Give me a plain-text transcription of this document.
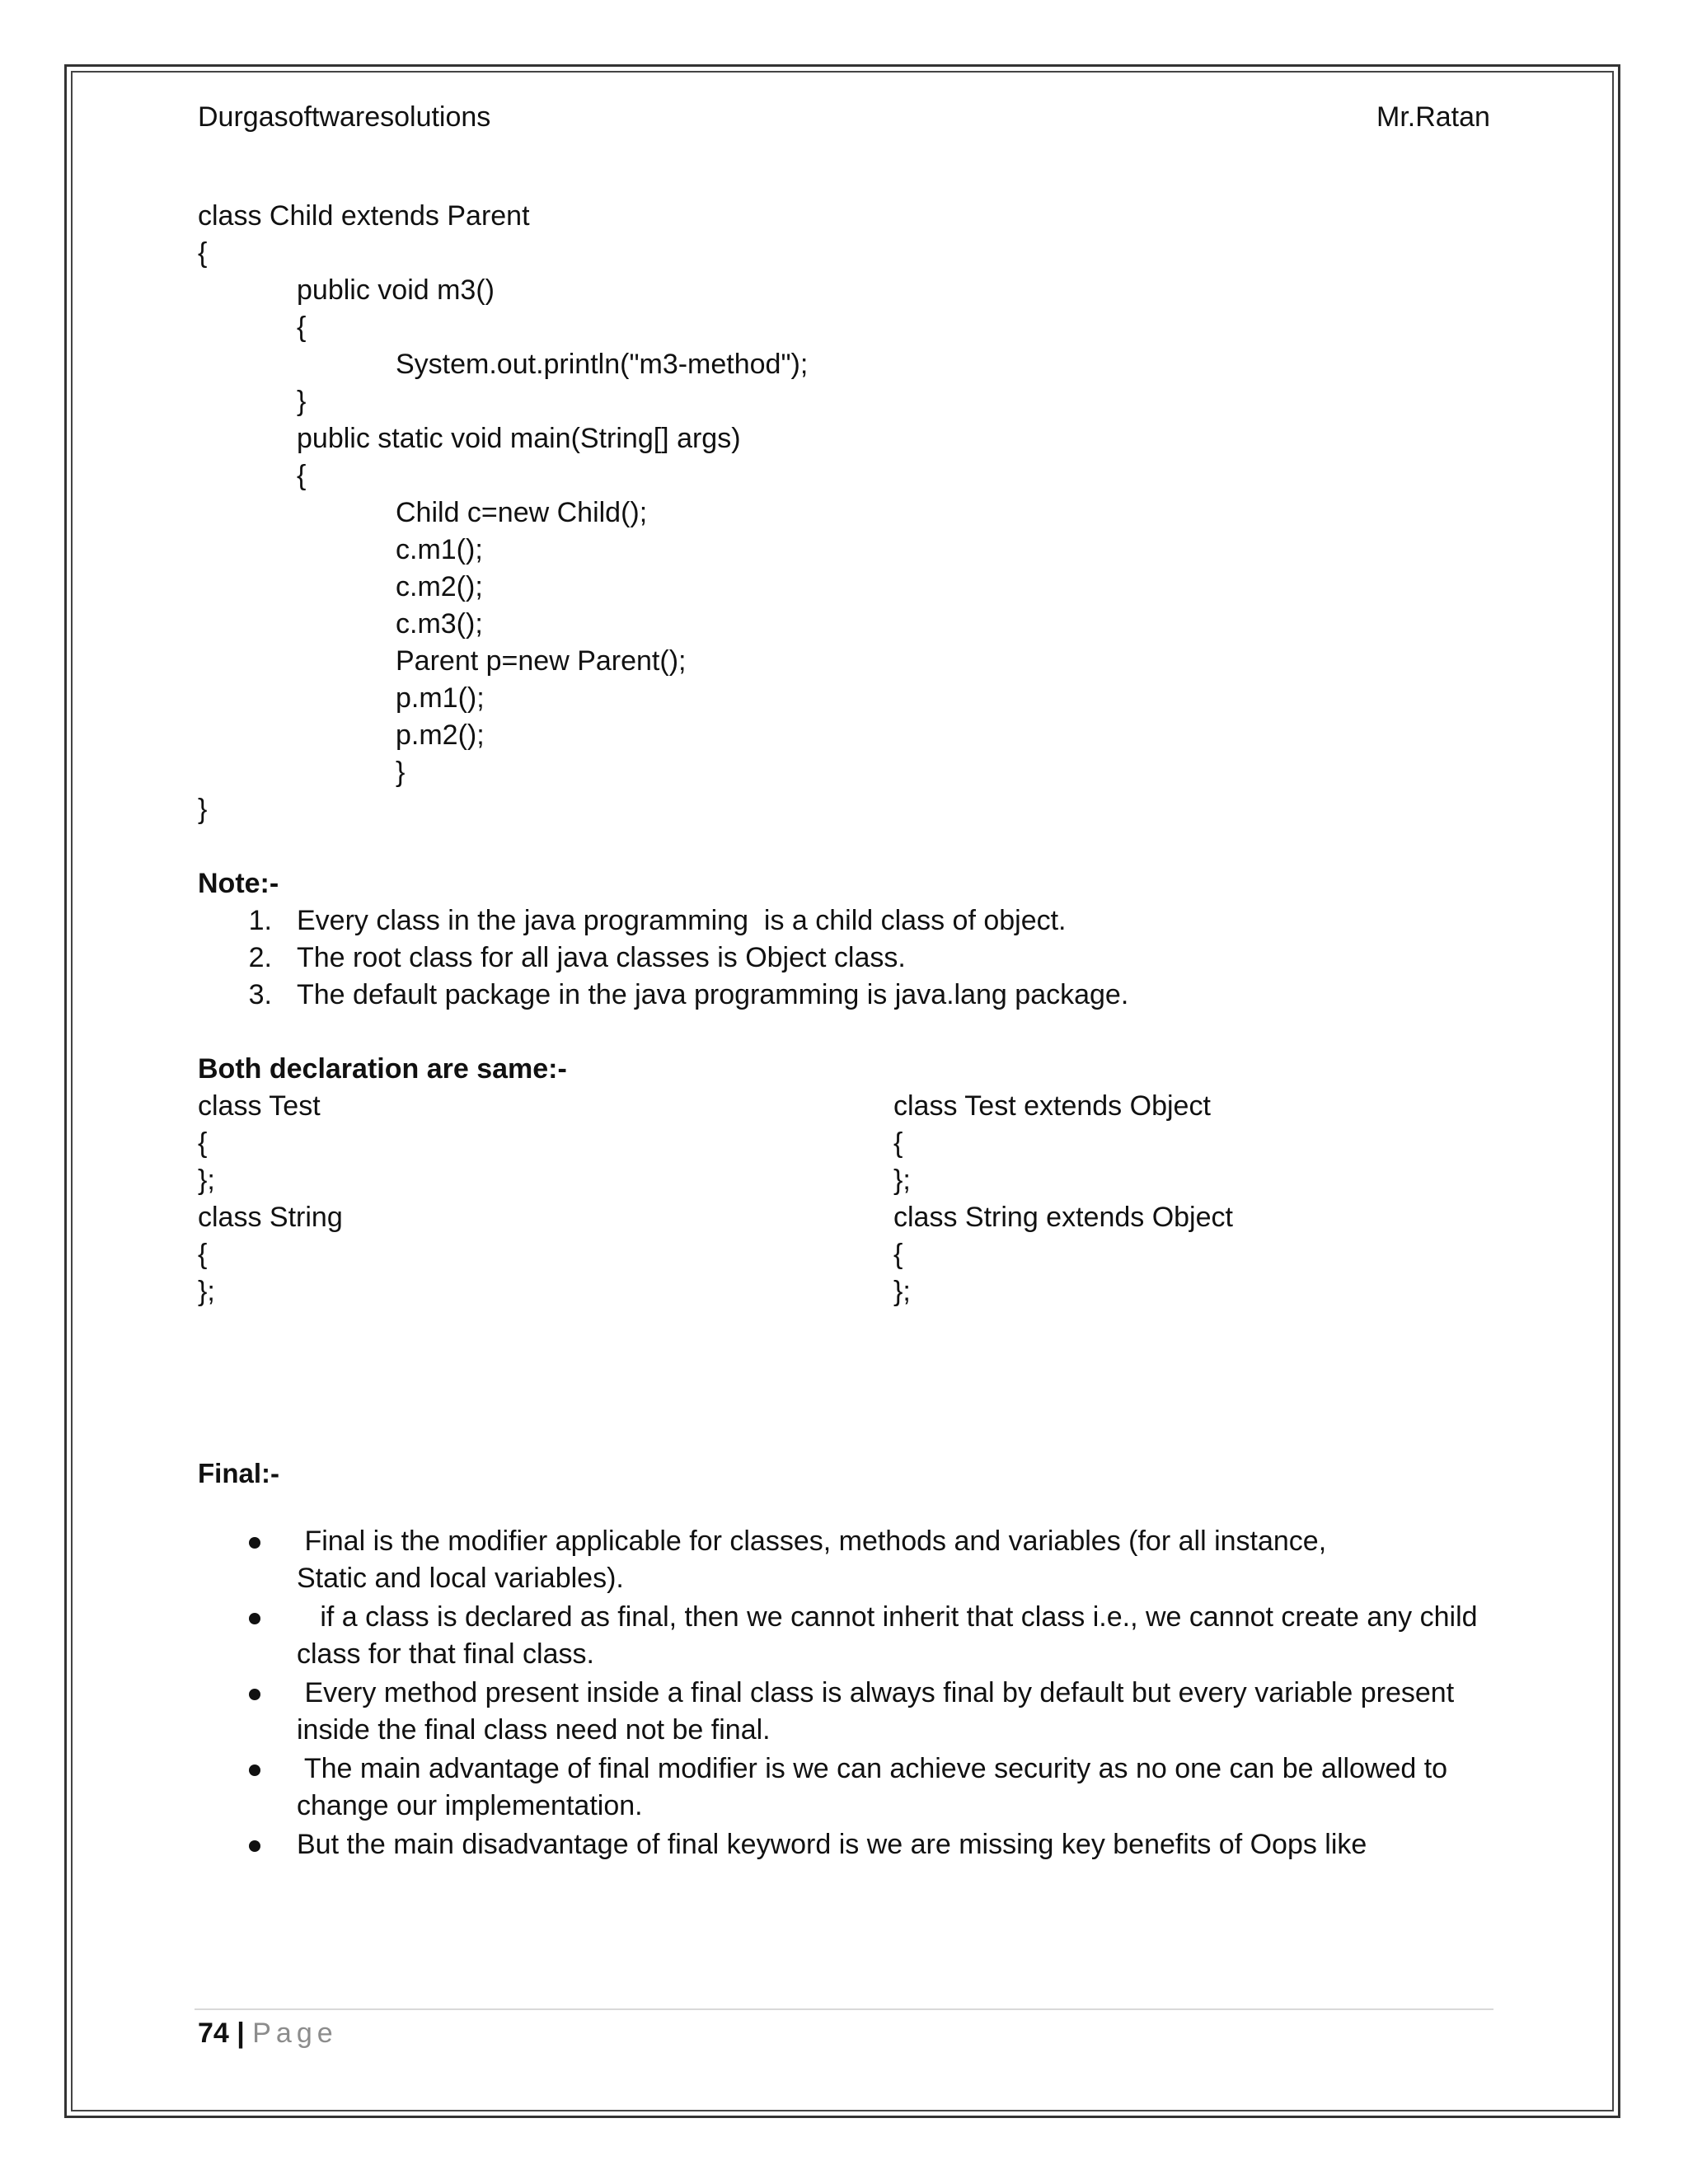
Durgasoftwaresolutions	Mr.Ratan
class Child extends Parent
{
public void m3()
{
System.out.println("m3-method");
}
public static void main(String[] args)
{
Child c=new Child();
c.m1();
c.m2();
c.m3();
Parent p=new Parent();
p.m1();
p.m2();
}
}
Note:-
1. Every class in the java programming  is a child class of object.
2. The root class for all java classes is Object class.
3. The default package in the java programming is java.lang package.
Both declaration are same:-
class Test
{
};
class String
{
};
class Test extends Object
{
};
class String extends Object
{
};
Final:-
Final is the modifier applicable for classes, methods and variables (for all instance,
Static and local variables).
if a class is declared as final, then we cannot inherit that class i.e., we cannot create any child
class for that final class.
Every method present inside a final class is always final by default but every variable present
inside the final class need not be final.
The main advantage of final modifier is we can achieve security as no one can be allowed to
change our implementation.
But the main disadvantage of final keyword is we are missing key benefits of Oops like
74 | Page
